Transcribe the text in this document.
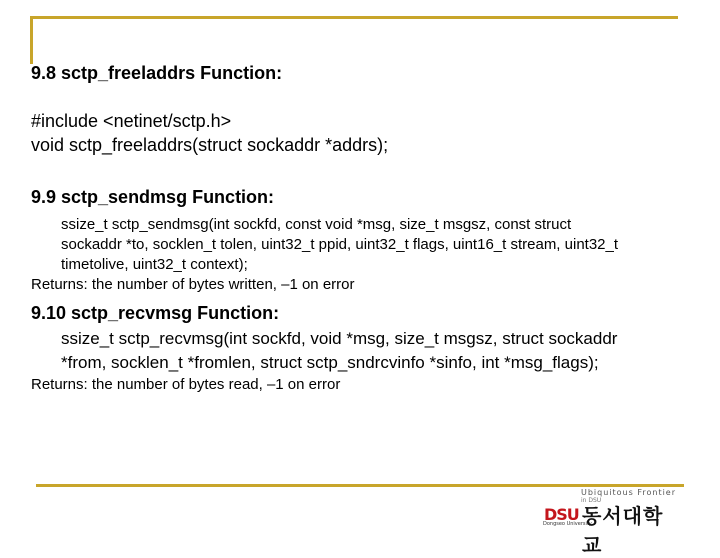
9.8 sctp_freeladdrs Function:

#include <netinet/sctp.h>

void sctp_freeladdrs(struct sockaddr *addrs);

9.9 sctp_sendmsg Function:

ssize_t sctp_sendmsg(int sockfd, const void *msg, size_t msgsz, const struct

sockaddr *to, socklen_t tolen, uint32_t ppid, uint32_t flags, uint16_t stream, uint32_t

timetolive, uint32_t context);

Returns: the number of bytes written, –1 on error

9.10 sctp_recvmsg Function:

ssize_t sctp_recvmsg(int sockfd, void *msg, size_t msgsz, struct sockaddr

*from, socklen_t *fromlen, struct sctp_sndrcvinfo *sinfo, int *msg_flags);

Returns: the number of bytes read, –1 on error

Ubiquitous Frontier
in DSU
DSU
Dongseo University
동서대학교
